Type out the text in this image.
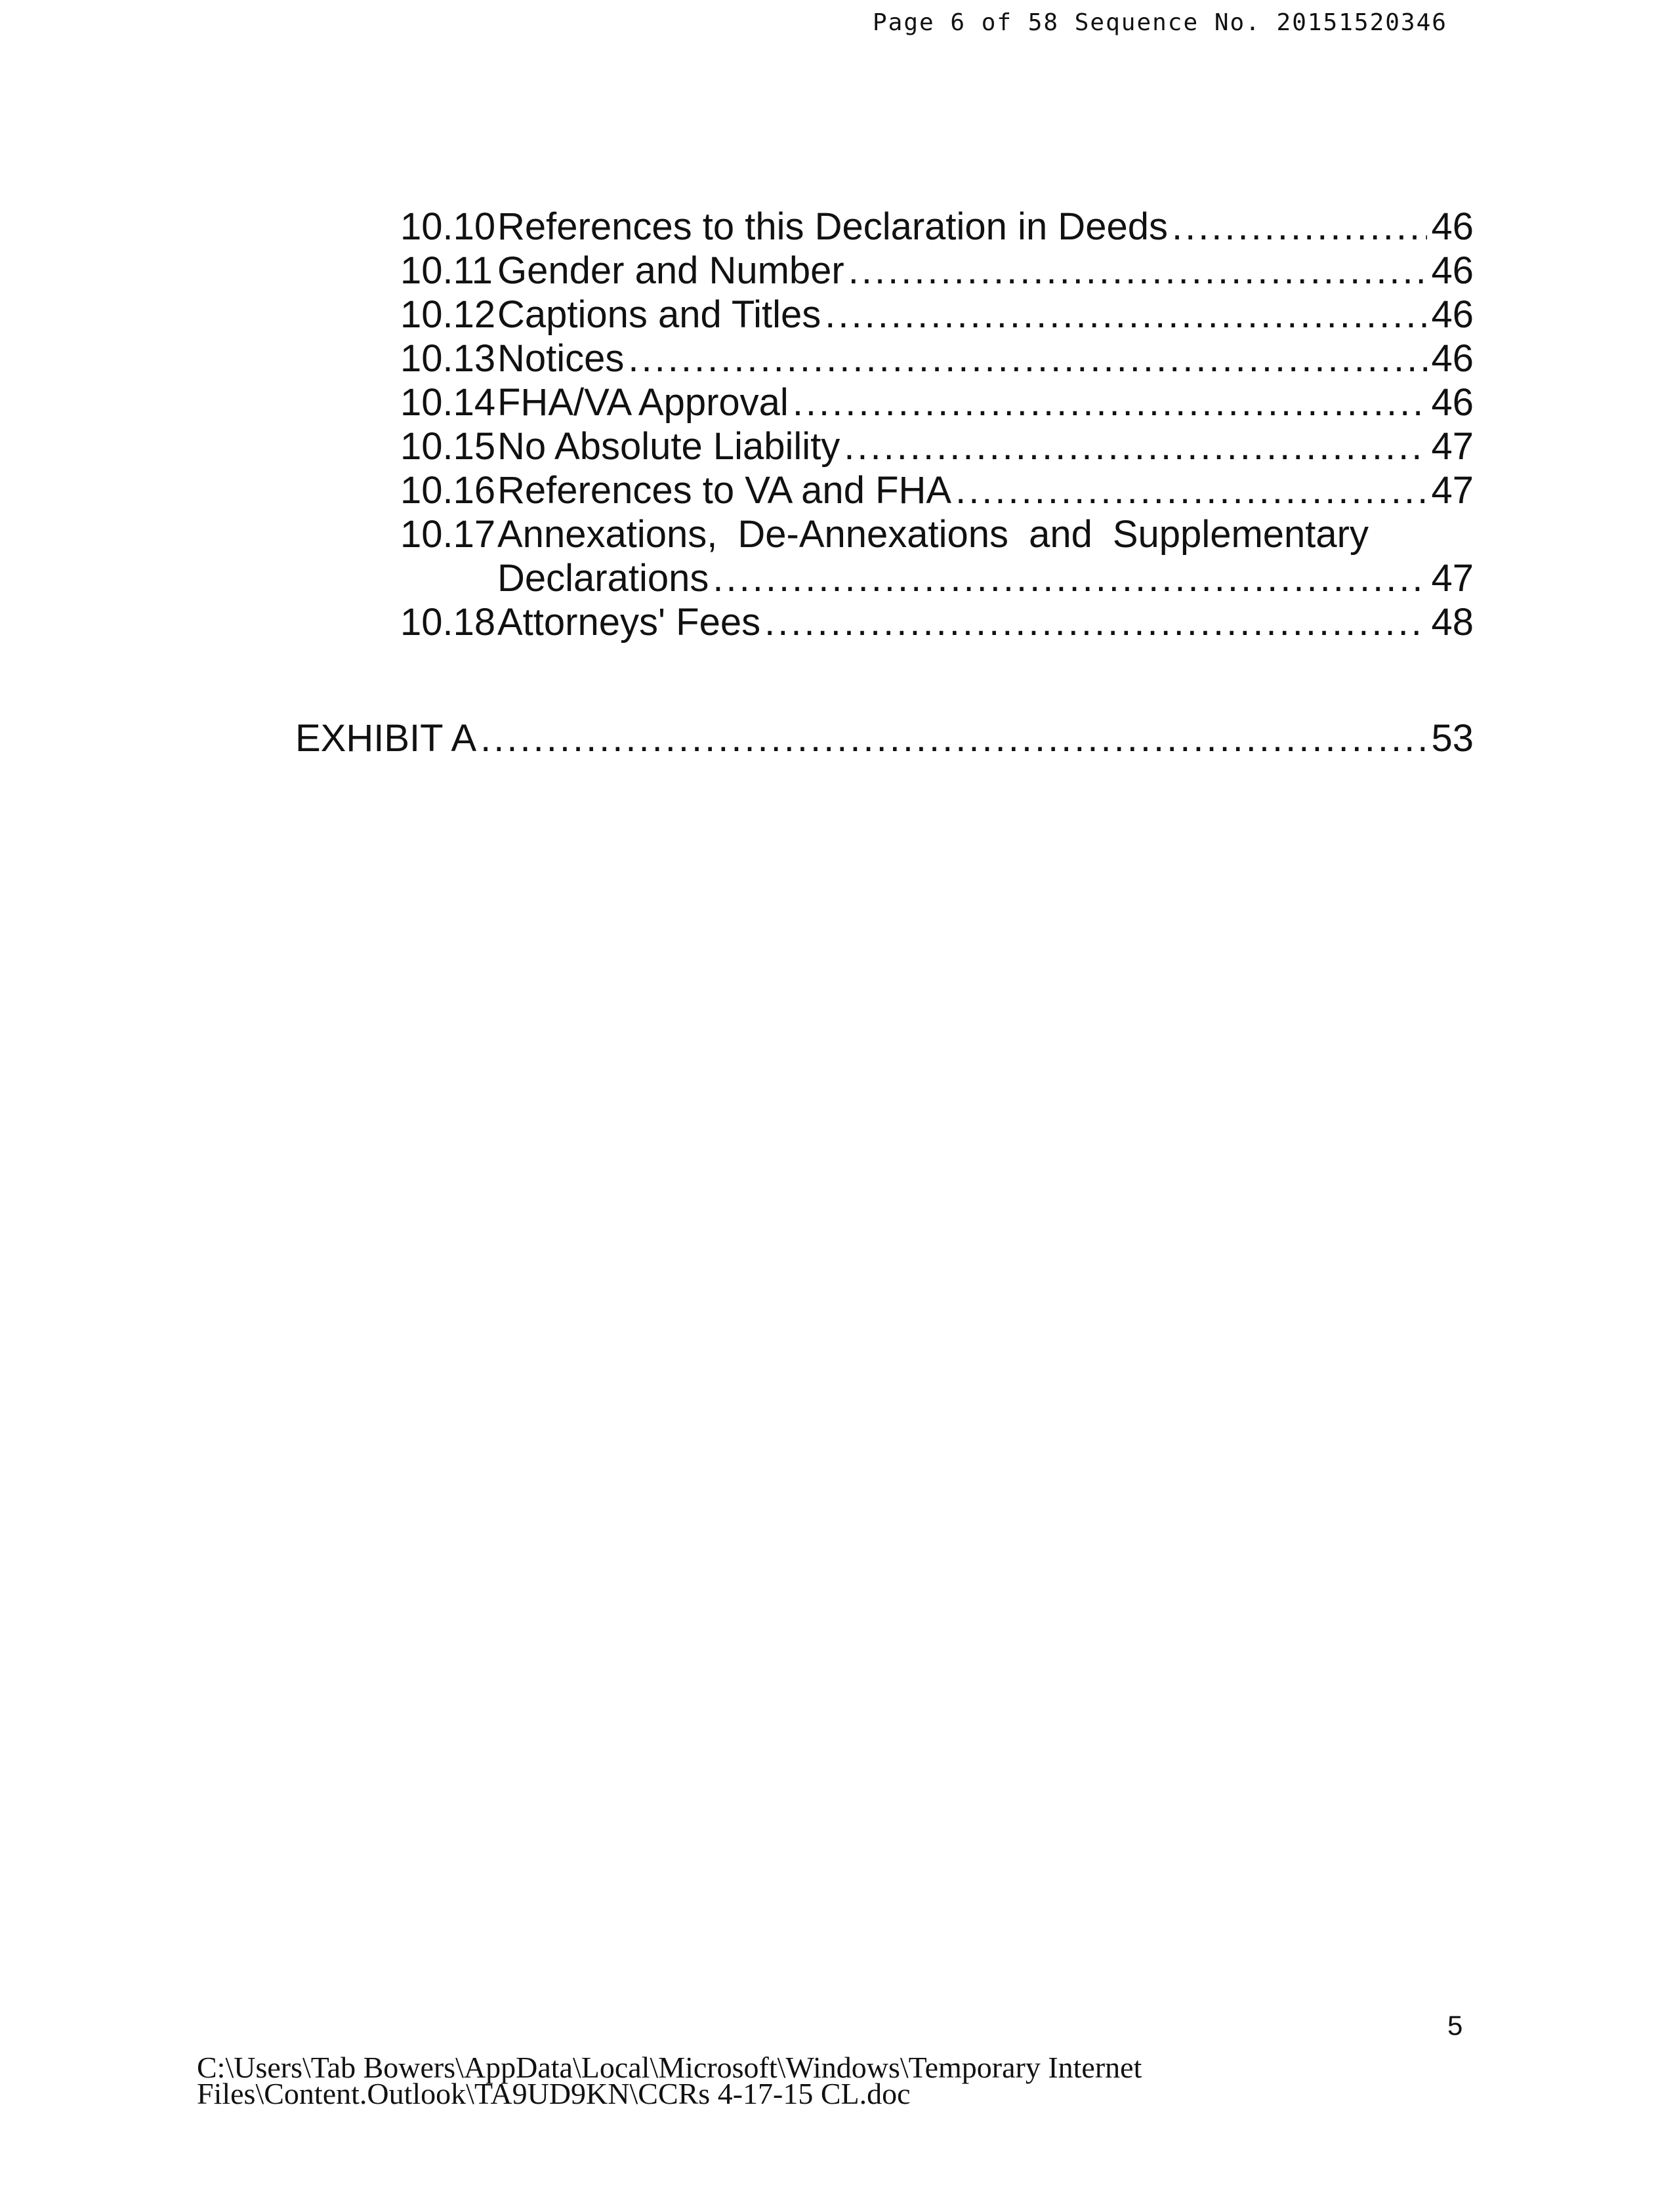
Page 6 of 58 Sequence No. 20151520346
10.10 References to this Declaration in Deeds .....	46
10.11 Gender and Number .....	46
10.12 Captions and Titles .....	46
10.13 Notices .....	46
10.14 FHA/VA Approval .....	46
10.15 No Absolute Liability .....	47
10.16 References to VA and FHA .....	47
10.17 Annexations, De-Annexations and Supplementary
Declarations .....	47
10.18 Attorneys' Fees .....	48
EXHIBIT A .....	53
5
C:\Users\Tab Bowers\AppData\Local\Microsoft\Windows\Temporary Internet
Files\Content.Outlook\TA9UD9KN\CCRs 4-17-15 CL.doc
